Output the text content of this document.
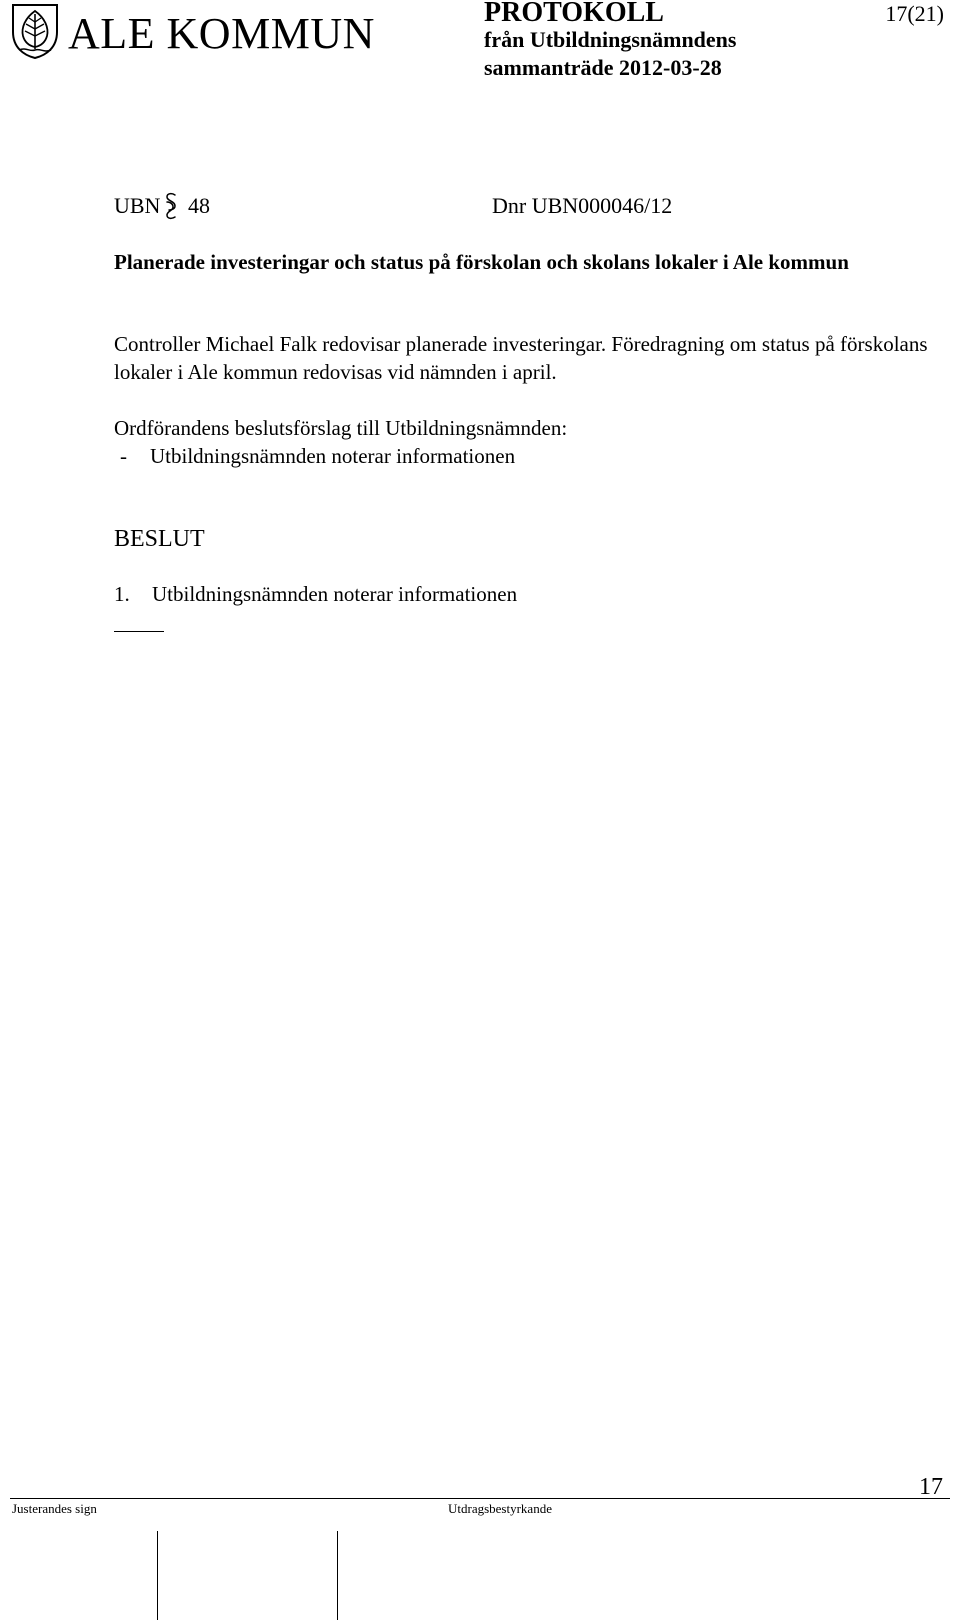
ALE KOMMUN	PROTOKOLL
från Utbildningsnämndens
sammanträde 2012-03-28
17(21)
UBN 48	Dnr UBN000046/12
Planerade investeringar och status på förskolan och skolans lokaler i Ale kommun
Controller Michael Falk redovisar planerade investeringar. Föredragning om status på förskolans lokaler i Ale kommun redovisas vid nämnden i april.
Ordförandens beslutsförslag till Utbildningsnämnden:
- Utbildningsnämnden noterar informationen
BESLUT
1. Utbildningsnämnden noterar informationen
17
Justerandes sign	Utdragsbestyrkande
